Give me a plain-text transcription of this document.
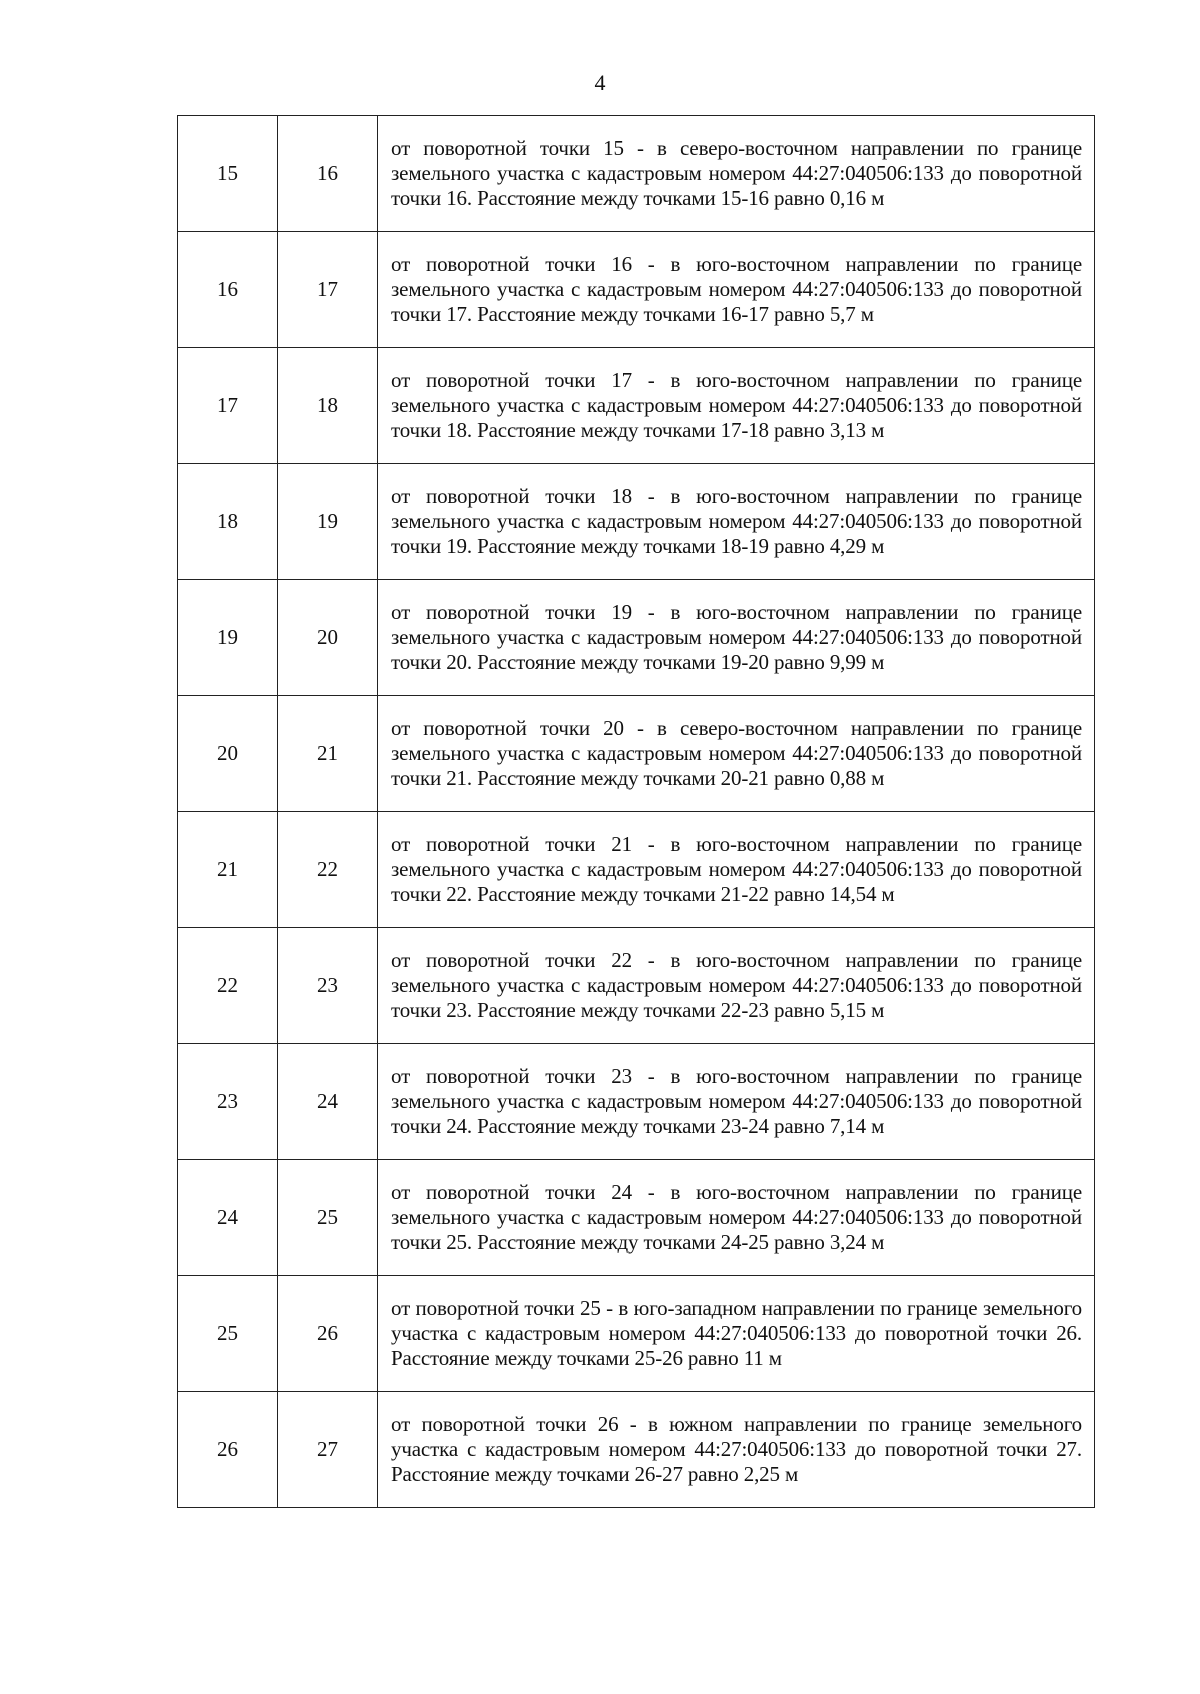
4
15	16	от поворотной точки 15 - в северо-восточном направлении по границе земельного участка с кадастровым номером 44:27:040506:133 до поворотной точки 16. Расстояние между точками 15-16 равно 0,16 м
16	17	от поворотной точки 16 - в юго-восточном направлении по границе земельного участка с кадастровым номером 44:27:040506:133 до поворотной точки 17. Расстояние между точками 16-17 равно 5,7 м
17	18	от поворотной точки 17 - в юго-восточном направлении по границе земельного участка с кадастровым номером 44:27:040506:133 до поворотной точки 18. Расстояние между точками 17-18 равно 3,13 м
18	19	от поворотной точки 18 - в юго-восточном направлении по границе земельного участка с кадастровым номером 44:27:040506:133 до поворотной точки 19. Расстояние между точками 18-19 равно 4,29 м
19	20	от поворотной точки 19 - в юго-восточном направлении по границе земельного участка с кадастровым номером 44:27:040506:133 до поворотной точки 20. Расстояние между точками 19-20 равно 9,99 м
20	21	от поворотной точки 20 - в северо-восточном направлении по границе земельного участка с кадастровым номером 44:27:040506:133 до поворотной точки 21. Расстояние между точками 20-21 равно 0,88 м
21	22	от поворотной точки 21 - в юго-восточном направлении по границе земельного участка с кадастровым номером 44:27:040506:133 до поворотной точки 22. Расстояние между точками 21-22 равно 14,54 м
22	23	от поворотной точки 22 - в юго-восточном направлении по границе земельного участка с кадастровым номером 44:27:040506:133 до поворотной точки 23. Расстояние между точками 22-23 равно 5,15 м
23	24	от поворотной точки 23 - в юго-восточном направлении по границе земельного участка с кадастровым номером 44:27:040506:133 до поворотной точки 24. Расстояние между точками 23-24 равно 7,14 м
24	25	от поворотной точки 24 - в юго-восточном направлении по границе земельного участка с кадастровым номером 44:27:040506:133 до поворотной точки 25. Расстояние между точками 24-25 равно 3,24 м
25	26	от поворотной точки 25 - в юго-западном направлении по границе земельного участка с кадастровым номером 44:27:040506:133 до поворотной точки 26. Расстояние между точками 25-26 равно 11 м
26	27	от поворотной точки 26 - в южном направлении по границе земельного участка с кадастровым номером 44:27:040506:133 до поворотной точки 27. Расстояние между точками 26-27 равно 2,25 м
